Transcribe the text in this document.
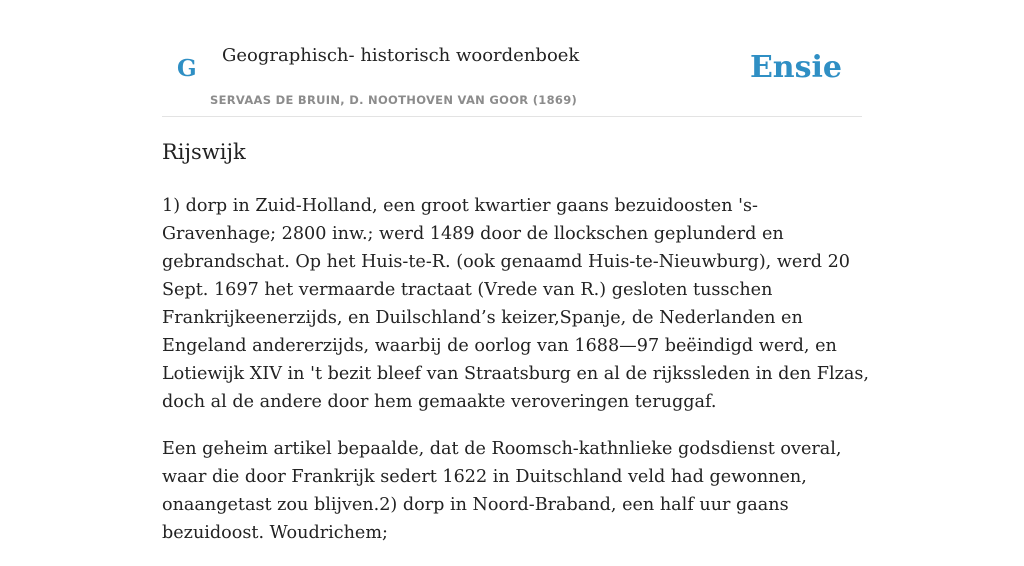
G Geographisch- historisch woordenboek
SERVAAS DE BRUIN, D. NOOTHOVEN VAN GOOR (1869)
Ensie
Rijswijk

1) dorp in Zuid-Holland, een groot kwartier gaans bezuidoosten 's-Gravenhage; 2800 inw.; werd 1489 door de llockschen geplunderd en gebrandschat. Op het Huis-te-R. (ook genaamd Huis-te-Nieuwburg), werd 20 Sept. 1697 het vermaarde tractaat (Vrede van R.) gesloten tusschen Frankrijkeenerzijds, en Duilschland’s keizer,Spanje, de Nederlanden en Engeland andererzijds, waarbij de oorlog van 1688—97 beëindigd werd, en Lotiewijk XIV in 't bezit bleef van Straatsburg en al de rijkssleden in den Flzas, doch al de andere door hem gemaakte veroveringen teruggaf.

Een geheim artikel bepaalde, dat de Roomsch-kathnlieke godsdienst overal, waar die door Frankrijk sedert 1622 in Duitschland veld had gewonnen, onaangetast zou blijven.2) dorp in Noord-Braband, een half uur gaans bezuidoost. Woudrichem;
